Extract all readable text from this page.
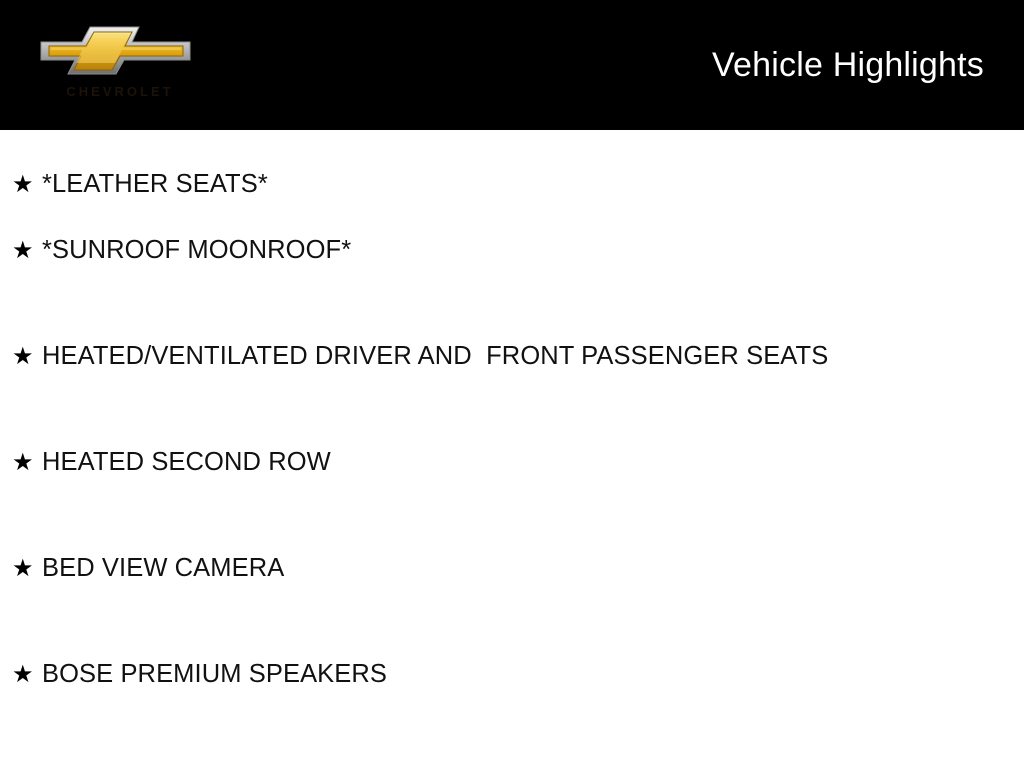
CHEVROLET
Vehicle Highlights
★ *LEATHER SEATS*
★ *SUNROOF MOONROOF*
★ HEATED/VENTILATED DRIVER AND  FRONT PASSENGER SEATS
★ HEATED SECOND ROW
★ BED VIEW CAMERA
★ BOSE PREMIUM SPEAKERS
